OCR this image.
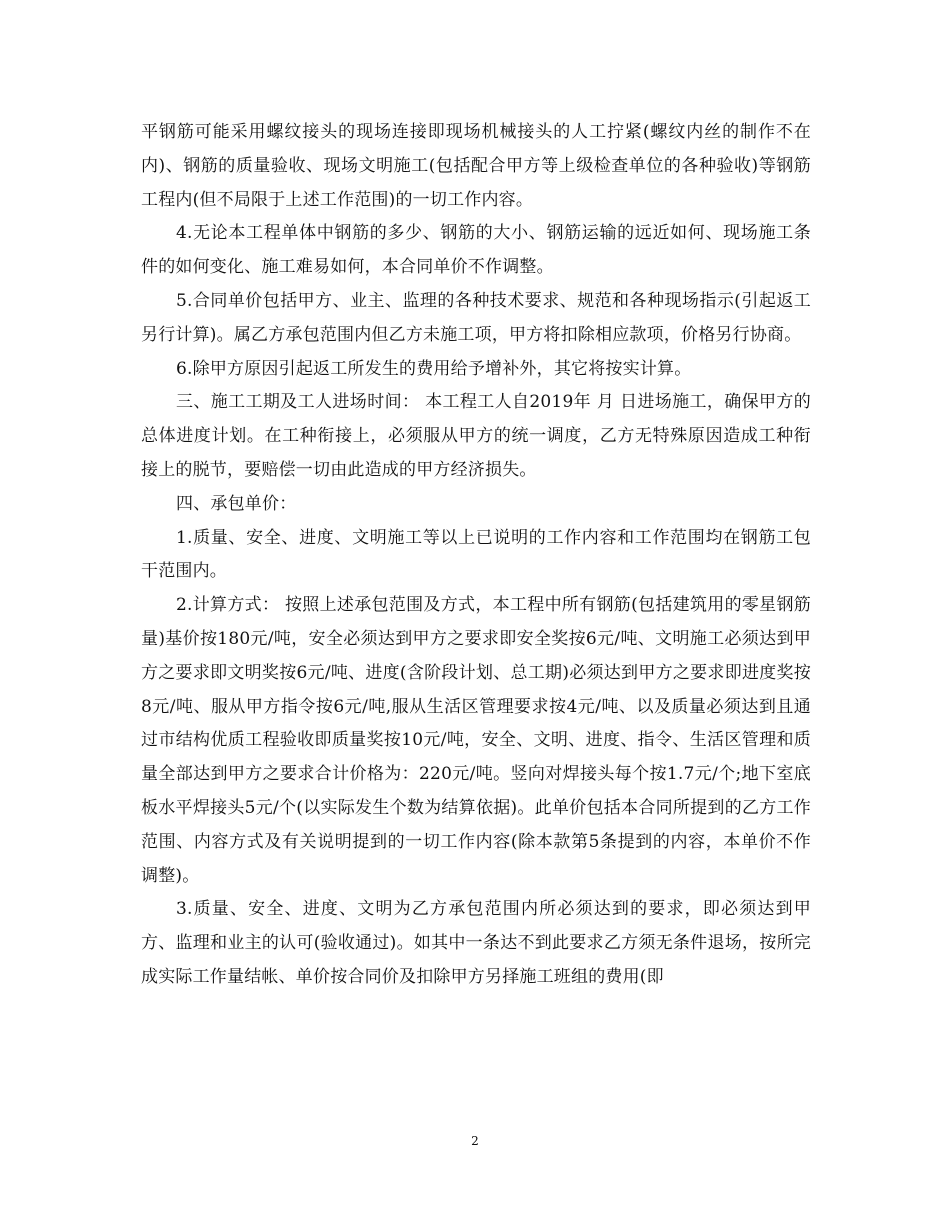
平钢筋可能采用螺纹接头的现场连接即现场机械接头的人工拧紧(螺纹内丝的制作不在内)、钢筋的质量验收、现场文明施工(包括配合甲方等上级检查单位的各种验收)等钢筋工程内(但不局限于上述工作范围)的一切工作内容。

4.无论本工程单体中钢筋的多少、钢筋的大小、钢筋运输的远近如何、现场施工条件的如何变化、施工难易如何，本合同单价不作调整。

5.合同单价包括甲方、业主、监理的各种技术要求、规范和各种现场指示(引起返工另行计算)。属乙方承包范围内但乙方未施工项，甲方将扣除相应款项，价格另行协商。

6.除甲方原因引起返工所发生的费用给予增补外，其它将按实计算。

三、施工工期及工人进场时间： 本工程工人自2019年 月 日进场施工，确保甲方的总体进度计划。在工种衔接上，必须服从甲方的统一调度，乙方无特殊原因造成工种衔接上的脱节，要赔偿一切由此造成的甲方经济损失。

四、承包单价：

1.质量、安全、进度、文明施工等以上已说明的工作内容和工作范围均在钢筋工包干范围内。

2.计算方式： 按照上述承包范围及方式，本工程中所有钢筋(包括建筑用的零星钢筋量)基价按180元/吨，安全必须达到甲方之要求即安全奖按6元/吨、文明施工必须达到甲方之要求即文明奖按6元/吨、进度(含阶段计划、总工期)必须达到甲方之要求即进度奖按8元/吨、服从甲方指令按6元/吨,服从生活区管理要求按4元/吨、以及质量必须达到且通过市结构优质工程验收即质量奖按10元/吨，安全、文明、进度、指令、生活区管理和质量全部达到甲方之要求合计价格为：220元/吨。竖向对焊接头每个按1.7元/个;地下室底板水平焊接头5元/个(以实际发生个数为结算依据)。此单价包括本合同所提到的乙方工作范围、内容方式及有关说明提到的一切工作内容(除本款第5条提到的内容，本单价不作调整)。

3.质量、安全、进度、文明为乙方承包范围内所必须达到的要求，即必须达到甲方、监理和业主的认可(验收通过)。如其中一条达不到此要求乙方须无条件退场，按所完成实际工作量结帐、单价按合同价及扣除甲方另择施工班组的费用(即

2
